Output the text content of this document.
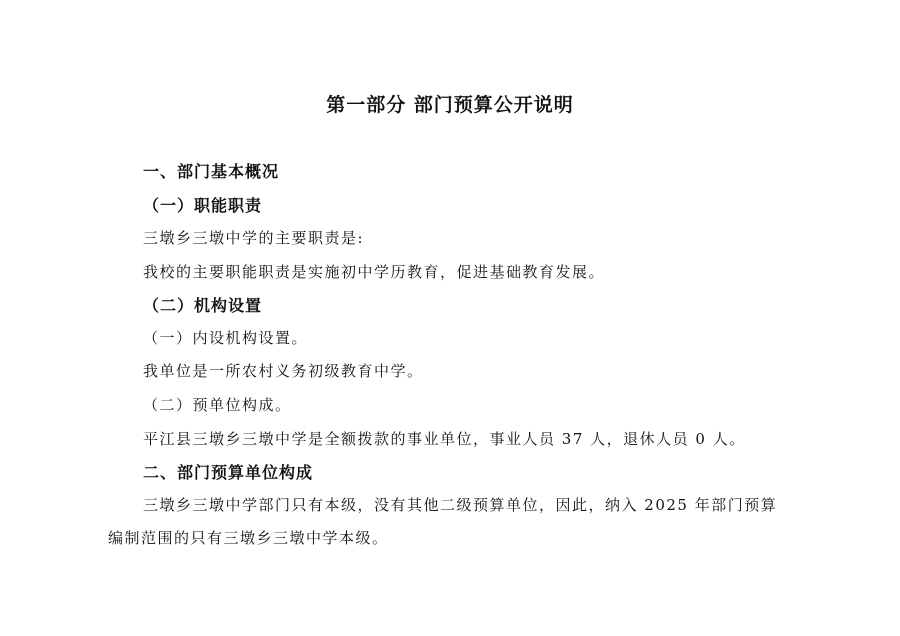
第一部分 部门预算公开说明
一、部门基本概况
（一）职能职责
三墩乡三墩中学的主要职责是:
我校的主要职能职责是实施初中学历教育，促进基础教育发展。
（二）机构设置
（一）内设机构设置。
我单位是一所农村义务初级教育中学。
（二）预单位构成。
平江县三墩乡三墩中学是全额拨款的事业单位，事业人员 37 人，退休人员 0 人。
二、部门预算单位构成
三墩乡三墩中学部门只有本级，没有其他二级预算单位，因此，纳入 2025 年部门预算
编制范围的只有三墩乡三墩中学本级。
